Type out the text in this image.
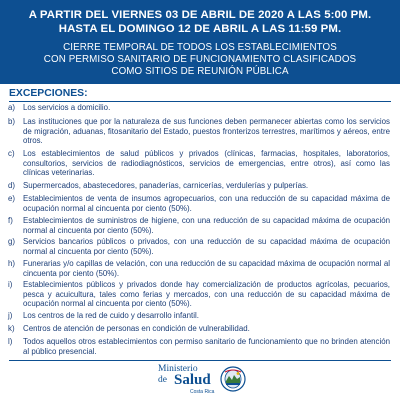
A PARTIR DEL VIERNES 03 DE ABRIL DE 2020 A LAS 5:00 PM.
HASTA EL DOMINGO 12 DE ABRIL A LAS 11:59 PM.
CIERRE TEMPORAL DE TODOS LOS ESTABLECIMIENTOS
CON PERMISO SANITARIO DE FUNCIONAMIENTO CLASIFICADOS
COMO SITIOS DE REUNIÓN PÚBLICA
EXCEPCIONES:
a)	Los servicios a domicilio.
b)	Las instituciones que por la naturaleza de sus funciones deben permanecer abiertas como los servicios de migración, aduanas, fitosanitario del Estado, puestos fronterizos terrestres, marítimos y aéreos, entre otros.
c)	Los establecimientos de salud públicos y privados (clínicas, farmacias, hospitales, laboratorios, consultorios, servicios de radiodiagnósticos, servicios de emergencias, entre otros), así como las clínicas veterinarias.
d)	Supermercados, abastecedores, panaderías, carnicerías, verdulerías y pulperías.
e)	Establecimientos de venta de insumos agropecuarios, con una reducción de su capacidad máxima de ocupación normal al cincuenta por ciento (50%).
f)	Establecimientos de suministros de higiene, con una reducción de su capacidad máxima de ocupación normal al cincuenta por ciento (50%).
g)	Servicios bancarios públicos o privados, con una reducción de su capacidad máxima de ocupación normal al cincuenta por ciento (50%).
h)	Funerarias y/o capillas de velación, con una reducción de su capacidad máxima de ocupación normal al cincuenta por ciento (50%).
i)	Establecimientos públicos y privados donde hay comercialización de productos agrícolas, pecuarios, pesca y acuicultura, tales como ferias y mercados, con una reducción de su capacidad máxima de ocupación normal al cincuenta por ciento (50%).
j)	Los centros de la red de cuido y desarrollo infantil.
k)	Centros de atención de personas en condición de vulnerabilidad.
l)	Todos aquellos otros establecimientos con permiso sanitario de funcionamiento que no brinden atención al público presencial.
Ministerio
de Salud
Costa Rica
